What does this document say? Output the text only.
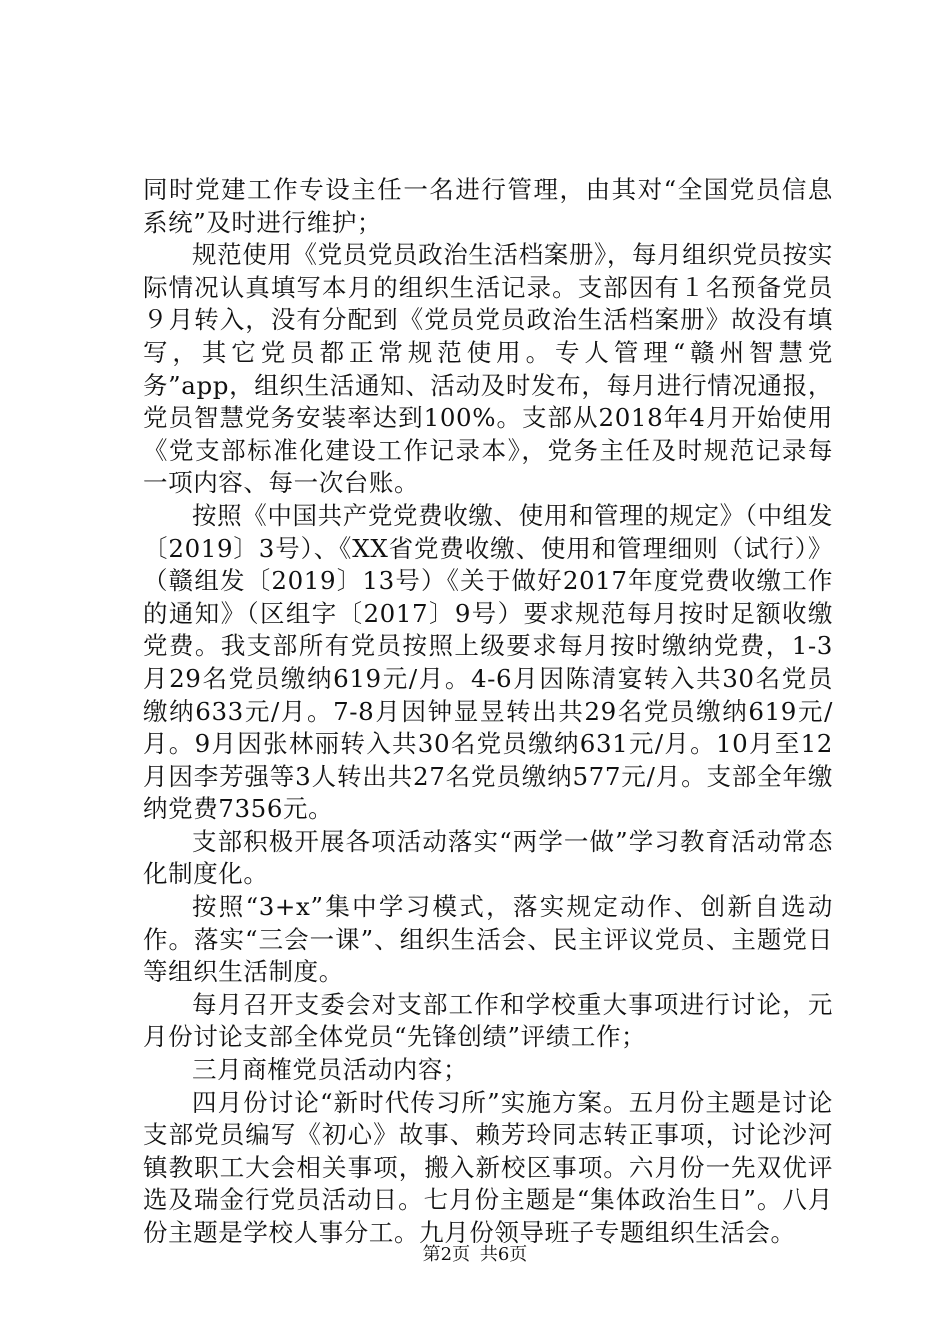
同时党建工作专设主任一名进行管理，由其对“全国党员信息系统”及时进行维护；

规范使用《党员党员政治生活档案册》，每月组织党员按实际情况认真填写本月的组织生活记录。支部因有１名预备党员９月转入，没有分配到《党员党员政治生活档案册》故没有填写，其它党员都正常规范使用。专人管理“赣州智慧党务”app，组织生活通知、活动及时发布，每月进行情况通报，党员智慧党务安装率达到100%。支部从2018年4月开始使用《党支部标准化建设工作记录本》，党务主任及时规范记录每一项内容、每一次台账。

按照《中国共产党党费收缴、使用和管理的规定》（中组发〔2019〕3号）、《XX省党费收缴、使用和管理细则（试行）》（赣组发〔2019〕13号）《关于做好2017年度党费收缴工作的通知》（区组字〔2017〕9号）要求规范每月按时足额收缴党费。我支部所有党员按照上级要求每月按时缴纳党费，1-3月29名党员缴纳619元/月。4-6月因陈清宴转入共30名党员缴纳633元/月。7-8月因钟显昱转出共29名党员缴纳619元/月。9月因张林丽转入共30名党员缴纳631元/月。10月至12月因李芳强等3人转出共27名党员缴纳577元/月。支部全年缴纳党费7356元。

支部积极开展各项活动落实“两学一做”学习教育活动常态化制度化。

按照“3+x”集中学习模式，落实规定动作、创新自选动作。落实“三会一课”、组织生活会、民主评议党员、主题党日等组织生活制度。

每月召开支委会对支部工作和学校重大事项进行讨论，元月份讨论支部全体党员“先锋创绩”评绩工作；

三月商榷党员活动内容；

四月份讨论“新时代传习所”实施方案。五月份主题是讨论支部党员编写《初心》故事、赖芳玲同志转正事项，讨论沙河镇教职工大会相关事项，搬入新校区事项。六月份一先双优评选及瑞金行党员活动日。七月份主题是“集体政治生日”。八月份主题是学校人事分工。九月份领导班子专题组织生活会。

第2页 共6页
